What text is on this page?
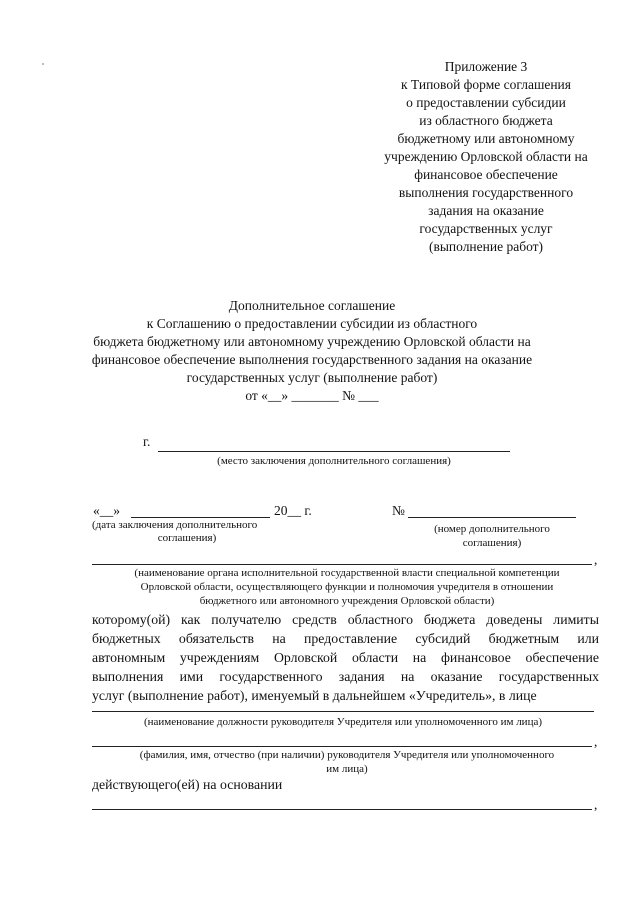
Приложение 3
к Типовой форме соглашения
о предоставлении субсидии
из областного бюджета
бюджетному или автономному
учреждению Орловской области на
финансовое обеспечение
выполнения государственного
задания на оказание
государственных услуг
(выполнение работ)
Дополнительное соглашение
к Соглашению о предоставлении субсидии из областного
бюджета бюджетному или автономному учреждению Орловской области на
финансовое обеспечение выполнения государственного задания на оказание
государственных услуг (выполнение работ)
от «__» _______ № ___
г.
(место заключения дополнительного соглашения)
«__»	20__ г.
(дата заключения дополнительного
соглашения)
№
(номер дополнительного
соглашения)
,
(наименование органа исполнительной государственной власти специальной компетенции
Орловской области, осуществляющего функции и полномочия учредителя в отношении
бюджетного или автономного учреждения Орловской области)
которому(ой) как получателю средств областного бюджета доведены лимиты
бюджетных обязательств на предоставление субсидий бюджетным или
автономным учреждениям Орловской области на финансовое обеспечение
выполнения ими государственного задания на оказание государственных
услуг (выполнение работ), именуемый в дальнейшем «Учредитель», в лице
(наименование должности руководителя Учредителя или уполномоченного им лица)
,
(фамилия, имя, отчество (при наличии) руководителя Учредителя или уполномоченного
им лица)
действующего(ей) на основании
,
